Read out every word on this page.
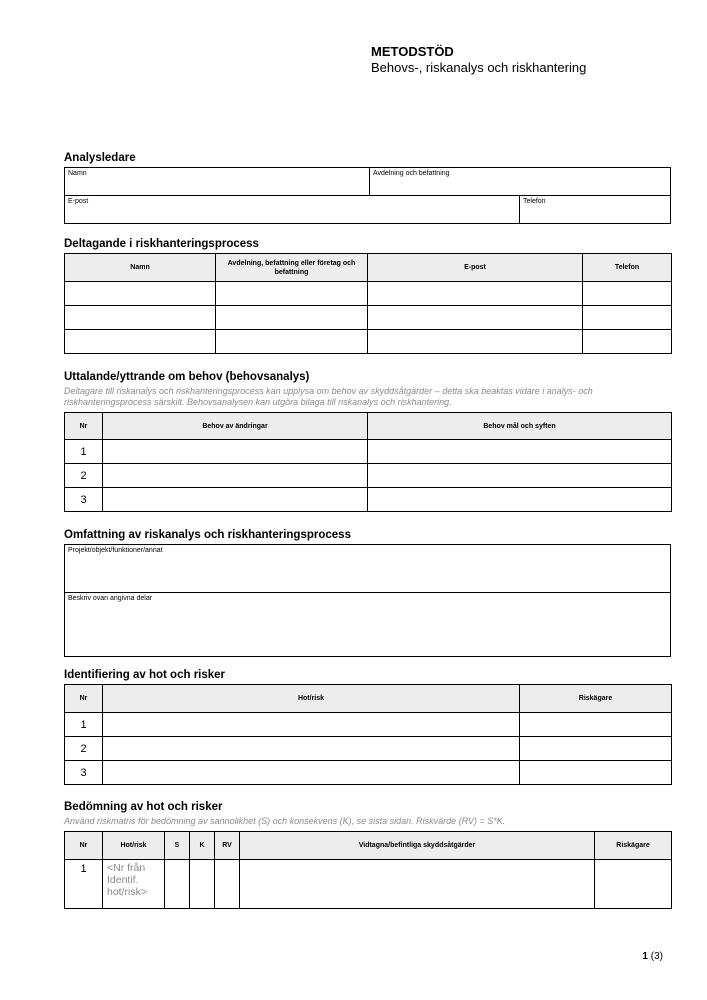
METODSTÖD
Behovs-, riskanalys och riskhantering
Analysledare
Namn	Avdelning och befattning
E-post	Telefon
Deltagande i riskhanteringsprocess
Namn	Avdelning, befattning eller företag och befattning	E-post	Telefon

Uttalande/yttrande om behov (behovsanalys)
Deltagare till riskanalys och riskhanteringsprocess kan upplysa om behov av skyddsåtgärder – detta ska beaktas vidare i analys- och riskhanteringsprocess särskilt. Behovsanalysen kan utgöra bilaga till riskanalys och riskhantering.
Nr	Behov av ändringar	Behov mål och syften
1		
2		
3		
Omfattning av riskanalys och riskhanteringsprocess
Projekt/objekt/funktioner/annat
Beskriv ovan angivna delar
Identifiering av hot och risker
Nr	Hot/risk	Riskägare
1		
2		
3		
Bedömning av hot och risker
Använd riskmatris för bedömning av sannolikhet (S) och konsekvens (K), se sista sidan. Riskvärde (RV) = S*K.
Nr	Hot/risk	S	K	RV	Vidtagna/befintliga skyddsåtgärder	Riskägare
1	<Nr från Identif. hot/risk>					
1 (3)
